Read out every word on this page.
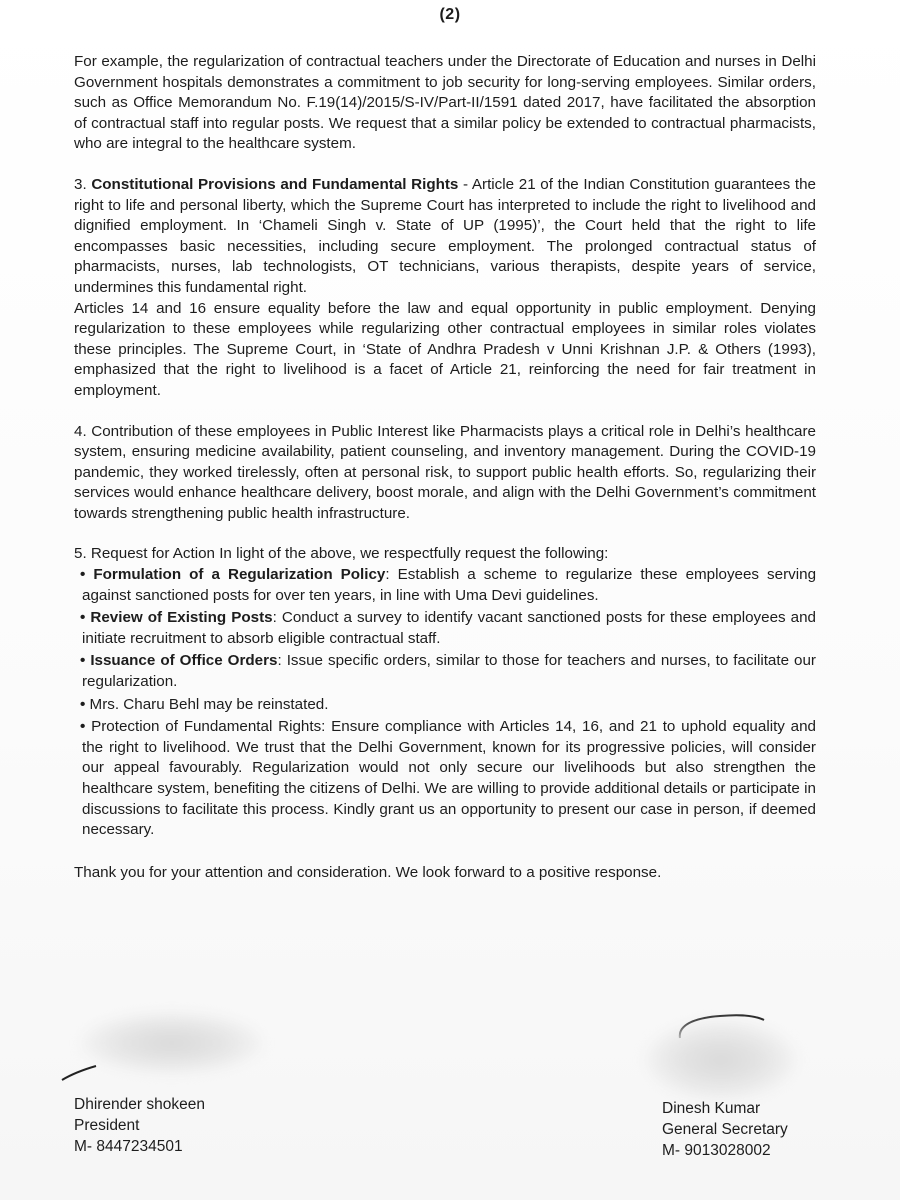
(2)

For example, the regularization of contractual teachers under the Directorate of Education and nurses in Delhi Government hospitals demonstrates a commitment to job security for long-serving employees. Similar orders, such as Office Memorandum No. F.19(14)/2015/S-IV/Part-II/1591 dated 2017, have facilitated the absorption of contractual staff into regular posts. We request that a similar policy be extended to contractual pharmacists, who are integral to the healthcare system.

3. Constitutional Provisions and Fundamental Rights - Article 21 of the Indian Constitution guarantees the right to life and personal liberty, which the Supreme Court has interpreted to include the right to livelihood and dignified employment. In ‘Chameli Singh v. State of UP (1995)’, the Court held that the right to life encompasses basic necessities, including secure employment. The prolonged contractual status of pharmacists, nurses, lab technologists, OT technicians, various therapists, despite years of service, undermines this fundamental right.

Articles 14 and 16 ensure equality before the law and equal opportunity in public employment. Denying regularization to these employees while regularizing other contractual employees in similar roles violates these principles. The Supreme Court, in ‘State of Andhra Pradesh v Unni Krishnan J.P. & Others (1993), emphasized that the right to livelihood is a facet of Article 21, reinforcing the need for fair treatment in employment.

4. Contribution of these employees in Public Interest like Pharmacists plays a critical role in Delhi’s healthcare system, ensuring medicine availability, patient counseling, and inventory management. During the COVID-19 pandemic, they worked tirelessly, often at personal risk, to support public health efforts. So, regularizing their services would enhance healthcare delivery, boost morale, and align with the Delhi Government’s commitment towards strengthening public health infrastructure.

5. Request for Action In light of the above, we respectfully request the following:

• Formulation of a Regularization Policy: Establish a scheme to regularize these employees serving against sanctioned posts for over ten years, in line with Uma Devi guidelines.
• Review of Existing Posts: Conduct a survey to identify vacant sanctioned posts for these employees and initiate recruitment to absorb eligible contractual staff.
• Issuance of Office Orders: Issue specific orders, similar to those for teachers and nurses, to facilitate our regularization.
• Mrs. Charu Behl may be reinstated.
• Protection of Fundamental Rights: Ensure compliance with Articles 14, 16, and 21 to uphold equality and the right to livelihood. We trust that the Delhi Government, known for its progressive policies, will consider our appeal favourably. Regularization would not only secure our livelihoods but also strengthen the healthcare system, benefiting the citizens of Delhi. We are willing to provide additional details or participate in discussions to facilitate this process. Kindly grant us an opportunity to present our case in person, if deemed necessary.

Thank you for your attention and consideration. We look forward to a positive response.

Dhirender shokeen
President
M- 8447234501
Dinesh Kumar
General Secretary
M- 9013028002
